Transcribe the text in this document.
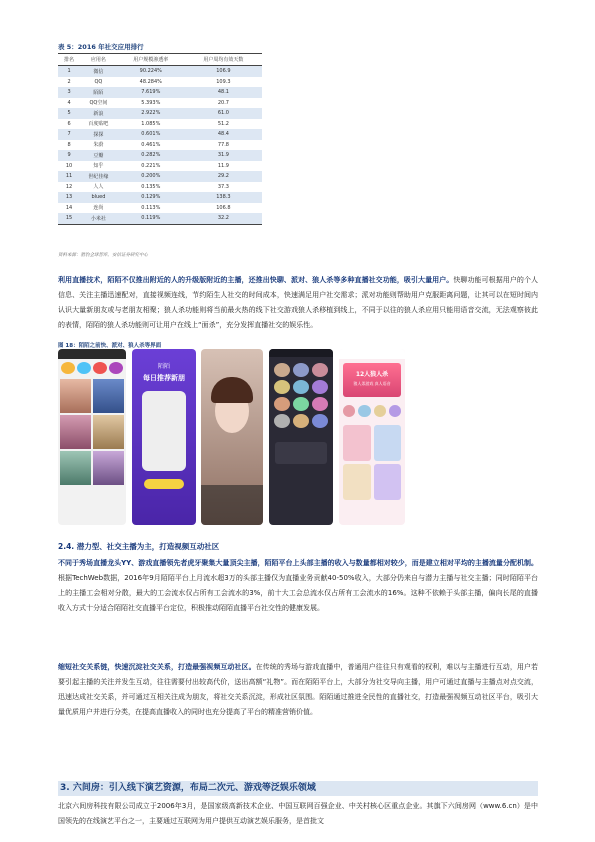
表 5：2016 年社交应用排行
排名	应用名	用户规模渗透率	用户周均有效天数
1	微信	90.224%	106.9
2	QQ	48.284%	109.3
3	陌陌	7.619%	48.1
4	QQ空间	5.393%	20.7
5	新浪	2.922%	61.0
6	百度贴吧	1.085%	51.2
7	探探	0.601%	48.4
8	朱蔚	0.461%	77.8
9	豆瓣	0.282%	31.9
10	知乎	0.221%	11.9
11	世纪佳缘	0.200%	29.2
12	人人	0.135%	37.3
13	blued	0.129%	138.3
14	连尚	0.113%	106.8
15	小米社	0.119%	32.2
资料来源：猎豹全球智库，安信证券研究中心
利用直播技术，陌陌不仅推出附近的人的升级版附近的主播，还推出快聊、派对、狼人杀等多种直播社交功能，吸引大量用户。快聊功能可根据用户的个人信息、关注主播迅速配对，直接视频连线，节约陌生人社交的时间成本，快速满足用户社交需求；派对功能则帮助用户克服距离问题，让其可以在短时间内认识大量新朋友或与老朋友相聚；狼人杀功能则将当前最火热的线下社交游戏狼人杀移植到线上，不同于以往的狼人杀应用只能用语音交流，无法观察彼此的表情，陌陌的狼人杀功能则可让用户在线上“面杀”，充分发挥直播社交的娱乐性。
图 18：陌陌之前快、派对、狼人杀等界面
陌陌
每日推荐新朋	12人狼人杀
狼人杀游戏 真人语音
2.4. 潜力型、社交主播为主，打造视频互动社区
不同于秀场直播龙头YY、游戏直播领先者虎牙聚集大量顶尖主播，陌陌平台上头部主播的收入与数量都相对较少，而是建立相对平均的主播流量分配机制。根据TechWeb数据，2016年9月陌陌平台上月流水超3万的头部主播仅为直播业务贡献40-50%收入，大部分仍来自与潜力主播与社交主播；同时陌陌平台上的主播工会相对分散，最大的工会流水仅占所有工会流水的3%，前十大工会总流水仅占所有工会流水的16%。这种不依赖于头部主播，偏向长尾的直播收入方式十分适合陌陌社交直播平台定位，积极推动陌陌直播平台社交性的健康发展。
缩短社交关系链，快速沉淀社交关系，打造最强视频互动社区。在传统的秀场与游戏直播中，普通用户往往只有观看的权利，难以与主播进行互动，用户若要引起主播的关注并发生互动，往往需要付出较高代价，送出高额“礼物”。而在陌陌平台上，大部分为社交导向主播，用户可通过直播与主播点对点交流，迅速达成社交关系，并可通过互相关注成为朋友，将社交关系沉淀，形成社区氛围。陌陌通过推进全民性的直播社交，打造最强视频互动社区平台，吸引大量优质用户并进行分类，在提高直播收入的同时也充分提高了平台的精准营销价值。
3. 六间房：引入线下演艺资源，布局二次元、游戏等泛娱乐领域
北京六间房科技有限公司成立于2006年3月，是国家级高新技术企业、中国互联网百强企业、中关村核心区重点企业。其旗下六间房网（www.6.cn）是中国领先的在线演艺平台之一，主要通过互联网为用户提供互动演艺娱乐服务，是首批文
